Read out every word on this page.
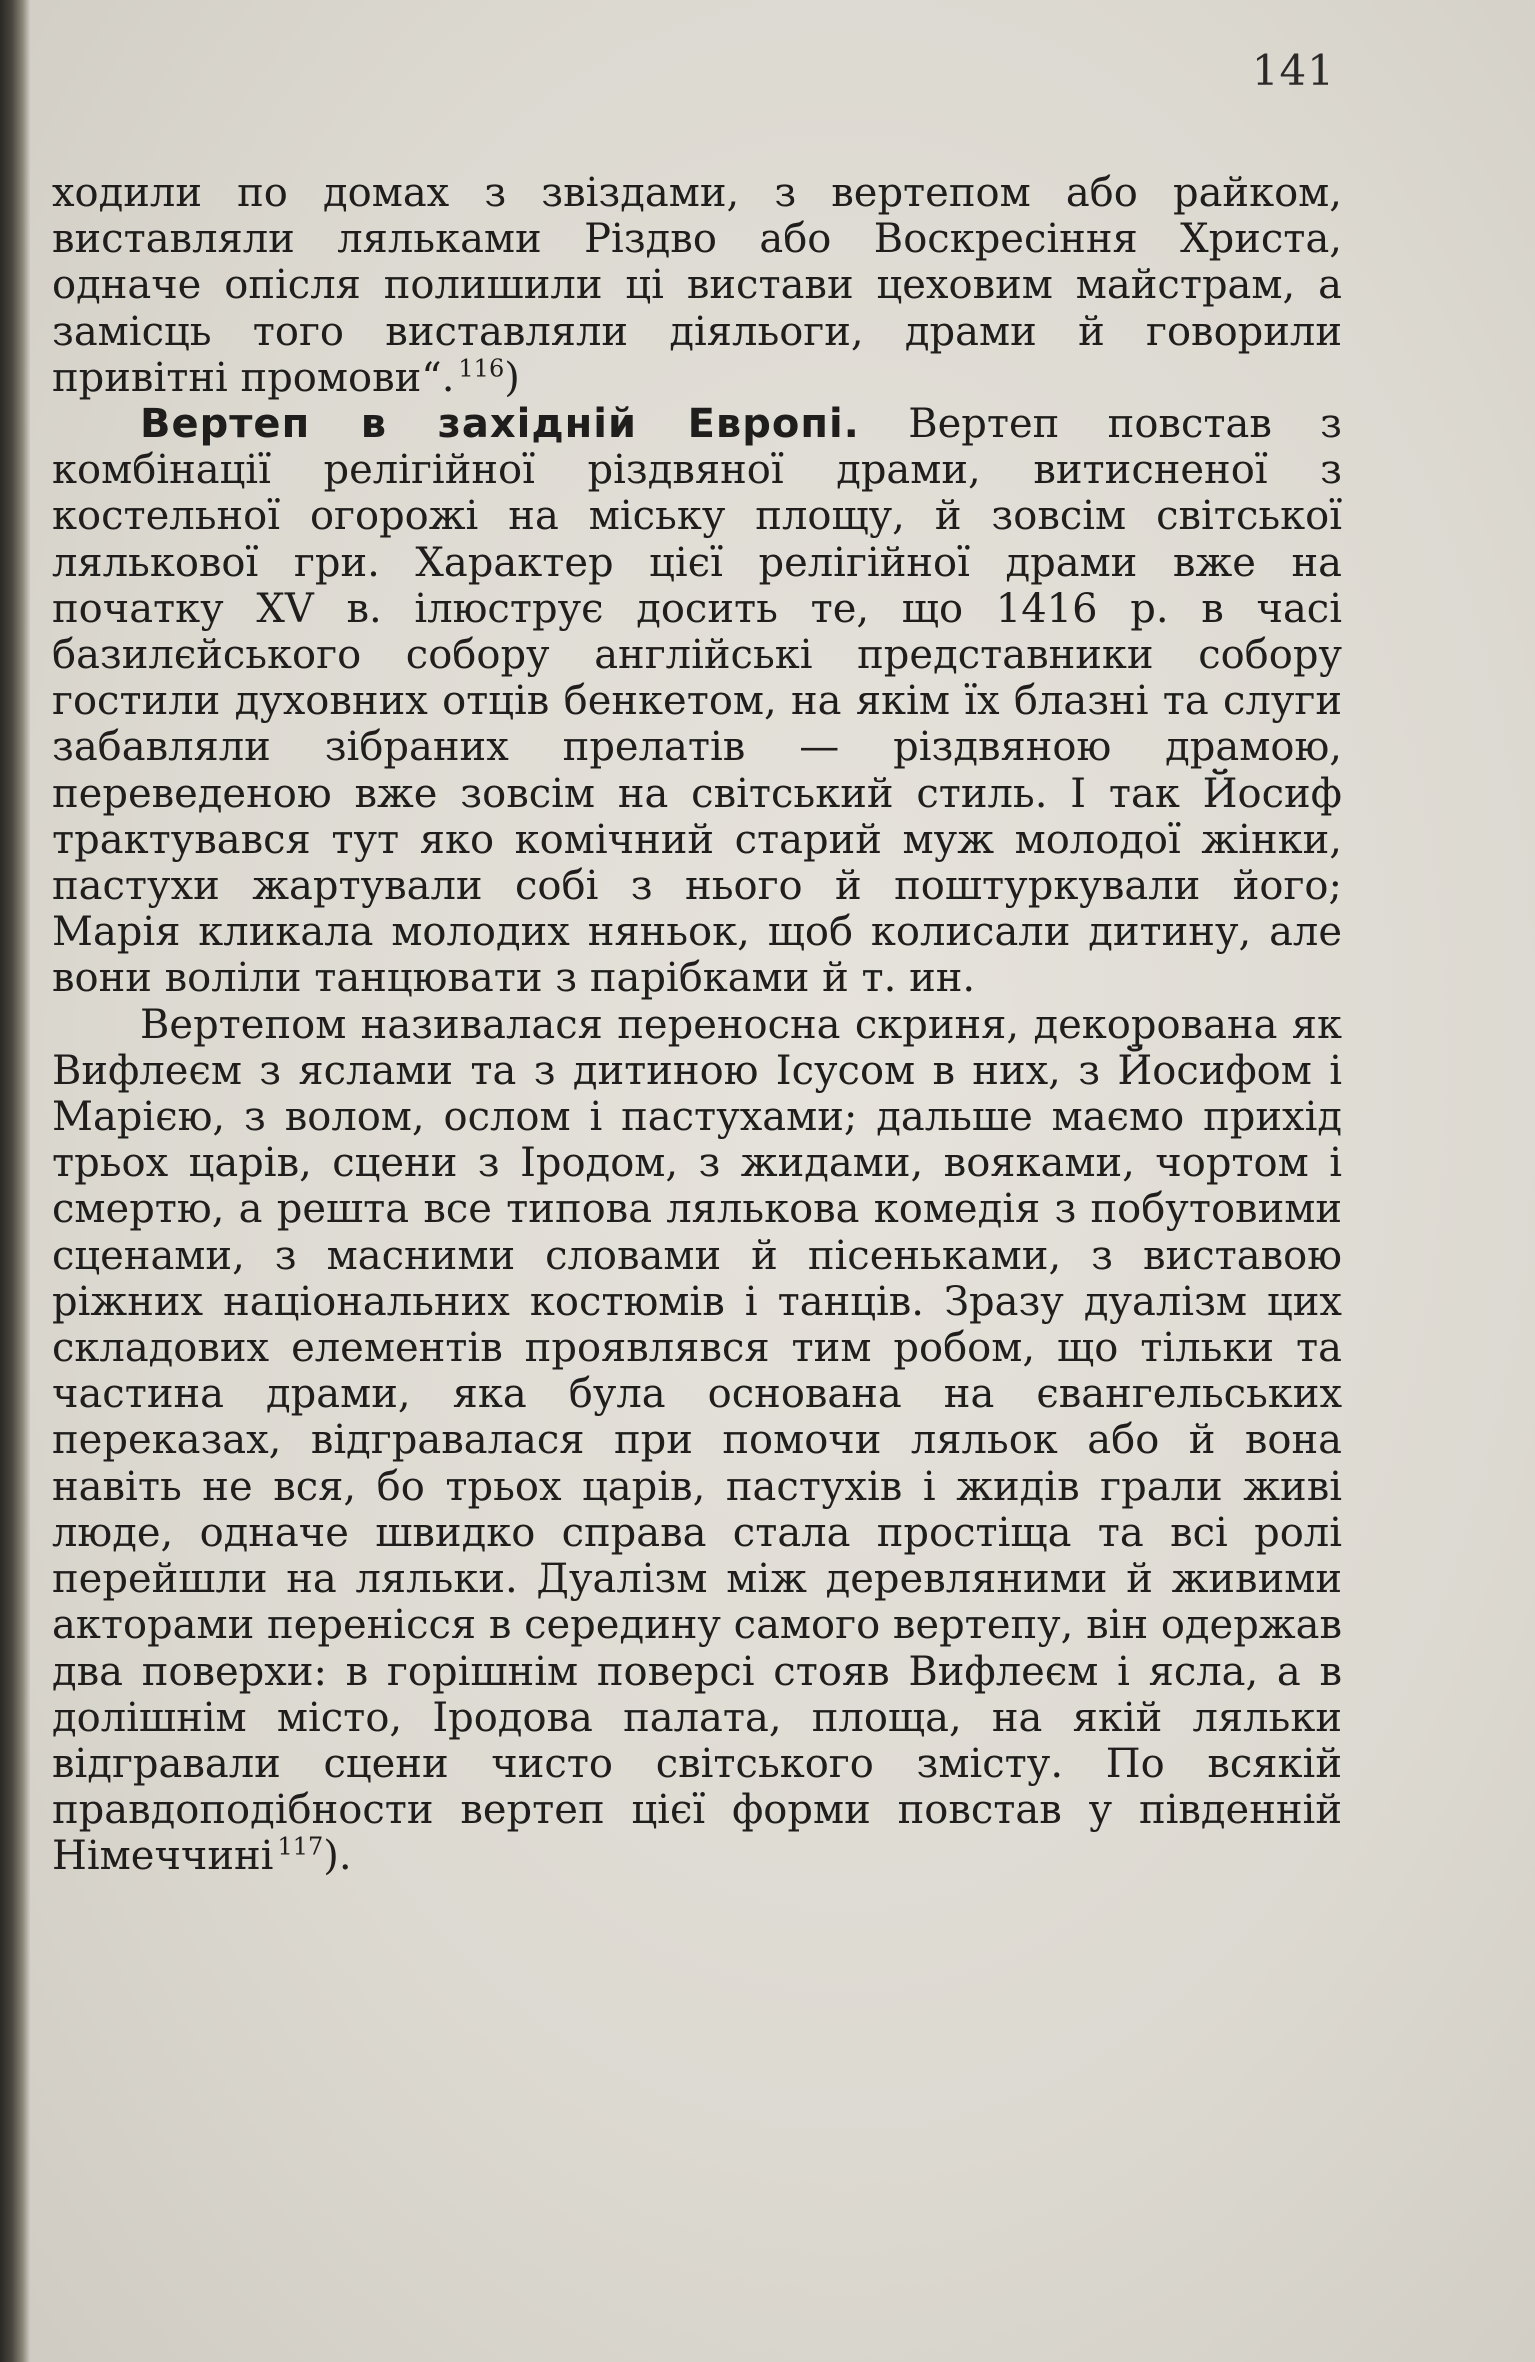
141

ходили по домах з звіздами, з вертепом або райком, виставляли ляльками Різдво або Воскресіння Христа, одначе опісля полишили ці вистави цеховим майстрам, а замісць того виставляли діяльоги, драми й говорили привітні промови“.  $^{116}$)

Вертеп в західній Европі. Вертеп повстав з комбінації релігійної різдвяної драми, витисненої з костельної огорожі на міську площу, й зовсім світської лялькової гри. Характер цієї релігійної драми вже на початку XV в. ілюструє досить те, що 1416 р. в часі базилєйського собору англійські представники собору гостили духовних отців бенкетом, на якім їх блазні та слуги забавляли зібраних прелатів — різдвяною драмою, переведеною вже зовсім на світський стиль. І так Йосиф трактувався тут яко комічний старий муж молодої жінки, пастухи жартували собі з нього й поштуркували його; Марія кликала молодих няньок, щоб колисали дитину, але вони воліли танцювати з парібками й т. ин.

Вертепом називалася переносна скриня, декорована як Вифлеєм з яслами та з дитиною Ісусом в них, з Йосифом і Марією, з волом, ослом і пастухами; дальше маємо прихід трьох царів, сцени з Іродом, з жидами, вояками, чортом і смертю, а решта все типова лялькова комедія з побутовими сценами, з масними словами й пісеньками, з виставою ріжних національних костюмів і танців. Зразу дуалізм цих складових елементів проявлявся тим робом, що тільки та частина драми, яка була основана на євангельських переказах, відгравалася при помочи ляльок або й вона навіть не вся, бо трьох царів, пастухів і жидів грали живі люде, одначе швидко справа стала простіща та всі ролі перейшли на ляльки. Дуалізм між деревляними й живими акторами перенісся в середину самого вертепу, він одержав два поверхи: в горішнім поверсі стояв Вифлеєм і ясла, а в долішнім місто, Іродова палата, площа, на якій ляльки відгравали сцени чисто світського змісту. По всякій правдоподібности вертеп цієї форми повстав у південній Німеччині  $^{117}$).
